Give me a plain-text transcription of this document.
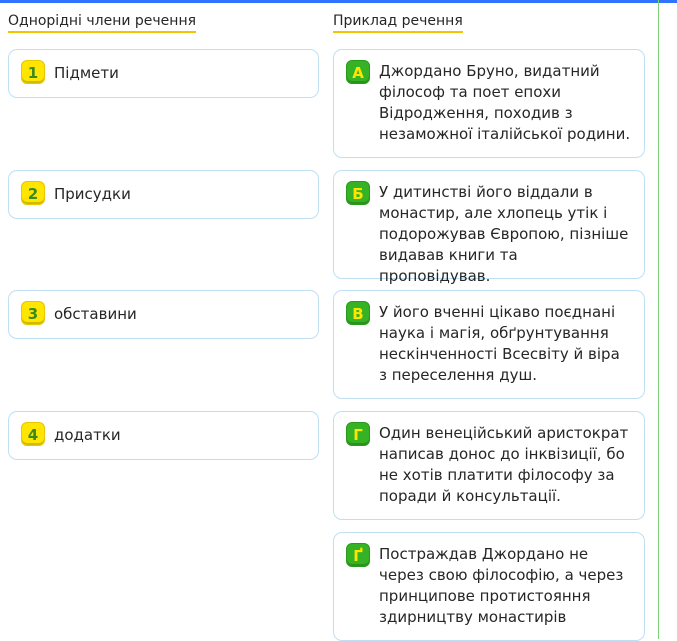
Однорідні члени речення	Приклад речення
1	Підмети
2	Присудки
3	обставини
4	додатки
А	Джордано Бруно, видатний філософ та поет епохи Відродження, походив з незаможної італійської родини.

Б	У дитинстві його віддали в монастир, але хлопець утік і подорожував Європою, пізніше видавав книги та проповідував.

В	У його вченні цікаво поєднані наука і магія, обґрунтування нескінченності Всесвіту й віра з переселення душ.

Г	Один венеційський аристократ написав донос до інквізиції, бо не хотів платити філософу за поради й консультації.

Ґ	Постраждав Джордано не через свою філософію, а через принципове протистояння здирництву монастирів
